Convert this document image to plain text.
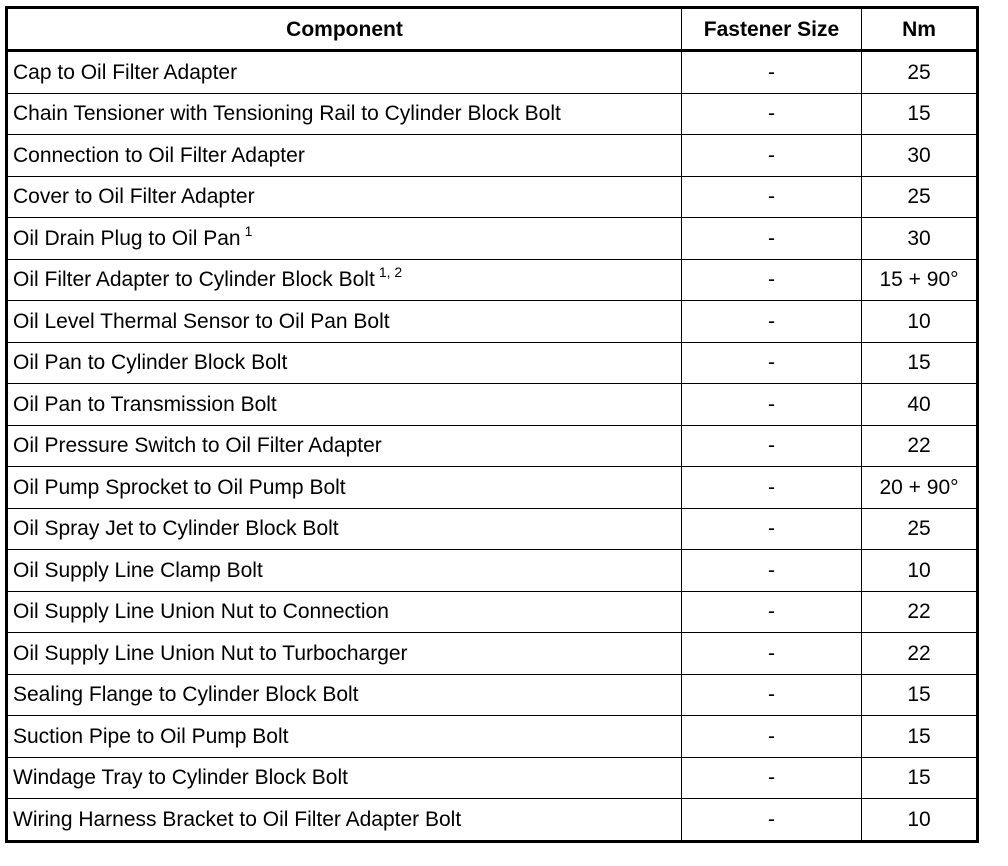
Component	Fastener Size	Nm
Cap to Oil Filter Adapter	-	25
Chain Tensioner with Tensioning Rail to Cylinder Block Bolt	-	15
Connection to Oil Filter Adapter	-	30
Cover to Oil Filter Adapter	-	25
Oil Drain Plug to Oil Pan $^1$	-	30
Oil Filter Adapter to Cylinder Block Bolt $^{1, 2}$	-	15 + 90°
Oil Level Thermal Sensor to Oil Pan Bolt	-	10
Oil Pan to Cylinder Block Bolt	-	15
Oil Pan to Transmission Bolt	-	40
Oil Pressure Switch to Oil Filter Adapter	-	22
Oil Pump Sprocket to Oil Pump Bolt	-	20 + 90°
Oil Spray Jet to Cylinder Block Bolt	-	25
Oil Supply Line Clamp Bolt	-	10
Oil Supply Line Union Nut to Connection	-	22
Oil Supply Line Union Nut to Turbocharger	-	22
Sealing Flange to Cylinder Block Bolt	-	15
Suction Pipe to Oil Pump Bolt	-	15
Windage Tray to Cylinder Block Bolt	-	15
Wiring Harness Bracket to Oil Filter Adapter Bolt	-	10
